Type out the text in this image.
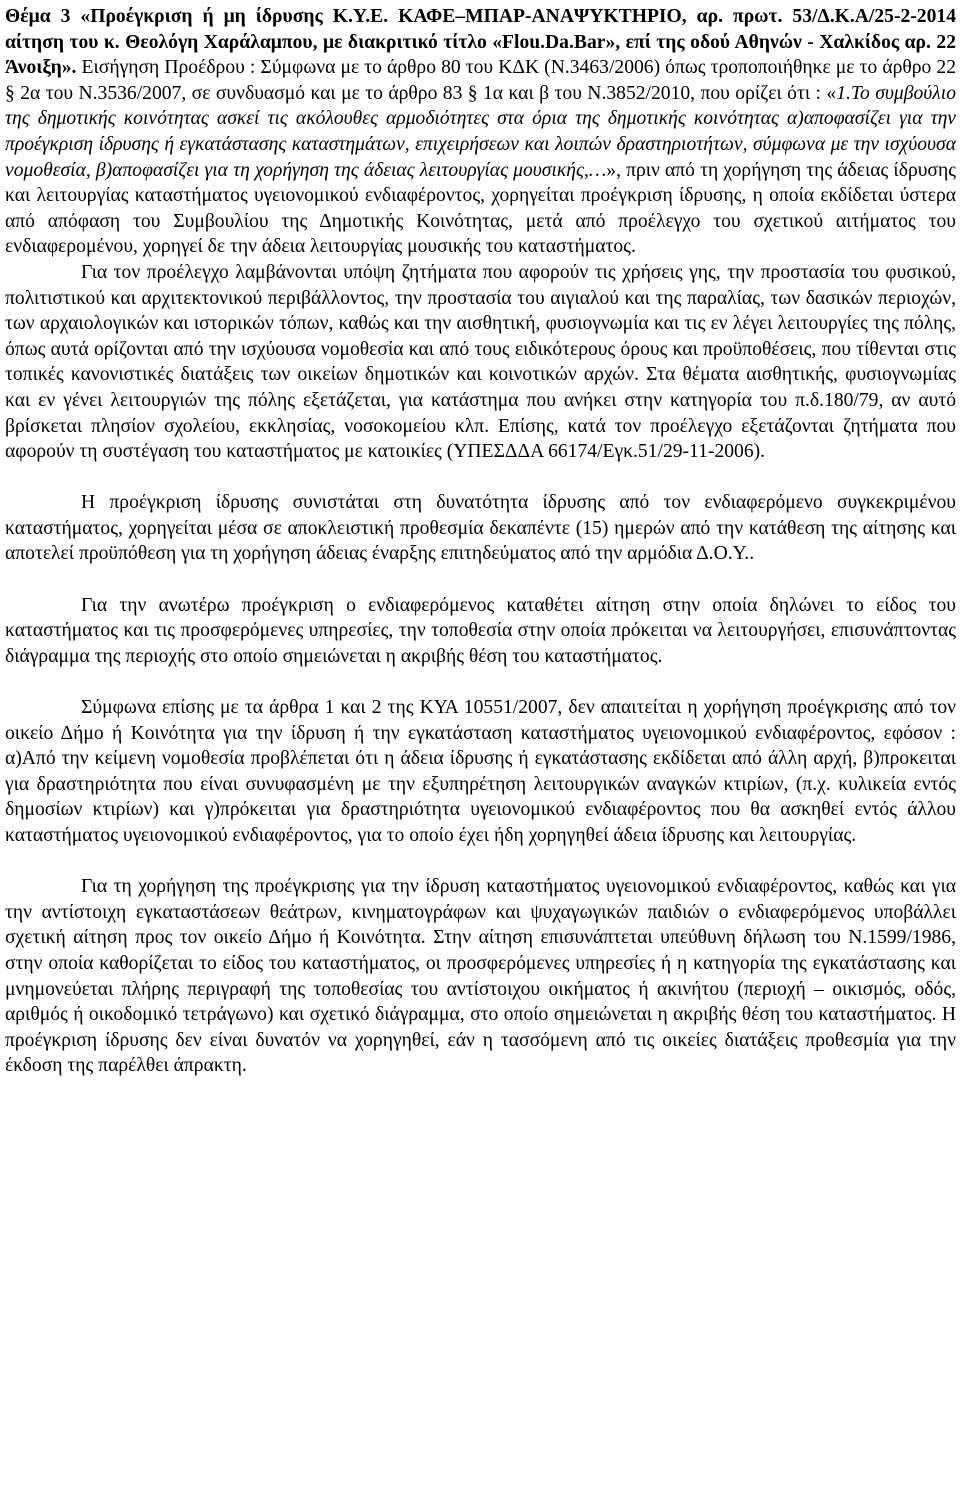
Θέμα 3 «Προέγκριση ή μη ίδρυσης Κ.Υ.Ε. ΚΑΦΕ–ΜΠΑΡ-ΑΝΑΨΥΚΤΗΡΙΟ, αρ. πρωτ. 53/Δ.Κ.Α/25-2-2014 αίτηση του κ. Θεολόγη Χαράλαμπου, με διακριτικό τίτλο «Flou.Da.Bar», επί της οδού Αθηνών - Χαλκίδος αρ. 22 Άνοιξη». Εισήγηση Προέδρου : Σύμφωνα με το άρθρο 80 του ΚΔΚ (Ν.3463/2006) όπως τροποποιήθηκε με το άρθρο 22 § 2α του Ν.3536/2007, σε συνδυασμό και με το άρθρο 83 § 1α και β του Ν.3852/2010, που ορίζει ότι : «1.Το συμβούλιο της δημοτικής κοινότητας ασκεί τις ακόλουθες αρμοδιότητες στα όρια της δημοτικής κοινότητας α)αποφασίζει για την προέγκριση ίδρυσης ή εγκατάστασης καταστημάτων, επιχειρήσεων και λοιπών δραστηριοτήτων, σύμφωνα με την ισχύουσα νομοθεσία, β)αποφασίζει για τη χορήγηση της άδειας λειτουργίας μουσικής,…», πριν από τη χορήγηση της άδειας ίδρυσης και λειτουργίας καταστήματος υγειονομικού ενδιαφέροντος, χορηγείται προέγκριση ίδρυσης, η οποία εκδίδεται ύστερα από απόφαση του Συμβουλίου της Δημοτικής Κοινότητας, μετά από προέλεγχο του σχετικού αιτήματος του ενδιαφερομένου, χορηγεί δε την άδεια λειτουργίας μουσικής του καταστήματος.

Για τον προέλεγχο λαμβάνονται υπόψη ζητήματα που αφορούν τις χρήσεις γης, την προστασία του φυσικού, πολιτιστικού και αρχιτεκτονικού περιβάλλοντος, την προστασία του αιγιαλού και της παραλίας, των δασικών περιοχών, των αρχαιολογικών και ιστορικών τόπων, καθώς και την αισθητική, φυσιογνωμία και τις εν λέγει λειτουργίες της πόλης, όπως αυτά ορίζονται από την ισχύουσα νομοθεσία και από τους ειδικότερους όρους και προϋποθέσεις, που τίθενται στις τοπικές κανονιστικές διατάξεις των οικείων δημοτικών και κοινοτικών αρχών. Στα θέματα αισθητικής, φυσιογνωμίας και εν γένει λειτουργιών της πόλης εξετάζεται, για κατάστημα που ανήκει στην κατηγορία του π.δ.180/79, αν αυτό βρίσκεται πλησίον σχολείου, εκκλησίας, νοσοκομείου κλπ. Επίσης, κατά τον προέλεγχο εξετάζονται ζητήματα που αφορούν τη συστέγαση του καταστήματος με κατοικίες (ΥΠΕΣΔΔΑ 66174/Εγκ.51/29-11-2006).

Η προέγκριση ίδρυσης συνιστάται στη δυνατότητα ίδρυσης από τον ενδιαφερόμενο συγκεκριμένου καταστήματος, χορηγείται μέσα σε αποκλειστική προθεσμία δεκαπέντε (15) ημερών από την κατάθεση της αίτησης και αποτελεί προϋπόθεση για τη χορήγηση άδειας έναρξης επιτηδεύματος από την αρμόδια Δ.Ο.Υ..

Για την ανωτέρω προέγκριση ο ενδιαφερόμενος καταθέτει αίτηση στην οποία δηλώνει το είδος του καταστήματος και τις προσφερόμενες υπηρεσίες, την τοποθεσία στην οποία πρόκειται να λειτουργήσει, επισυνάπτοντας διάγραμμα της περιοχής στο οποίο σημειώνεται η ακριβής θέση του καταστήματος.

Σύμφωνα επίσης με τα άρθρα 1 και 2 της ΚΥΑ 10551/2007, δεν απαιτείται η χορήγηση προέγκρισης από τον οικείο Δήμο ή Κοινότητα για την ίδρυση ή την εγκατάσταση καταστήματος υγειονομικού ενδιαφέροντος, εφόσον : α)Από την κείμενη νομοθεσία προβλέπεται ότι η άδεια ίδρυσης ή εγκατάστασης εκδίδεται από άλλη αρχή, β)προκειται για δραστηριότητα που είναι συνυφασμένη με την εξυπηρέτηση λειτουργικών αναγκών κτιρίων, (π.χ. κυλικεία εντός δημοσίων κτιρίων) και γ)πρόκειται για δραστηριότητα υγειονομικού ενδιαφέροντος που θα ασκηθεί εντός άλλου καταστήματος υγειονομικού ενδιαφέροντος, για το οποίο έχει ήδη χορηγηθεί άδεια ίδρυσης και λειτουργίας.

Για τη χορήγηση της προέγκρισης για την ίδρυση καταστήματος υγειονομικού ενδιαφέροντος, καθώς και για την αντίστοιχη εγκαταστάσεων θεάτρων, κινηματογράφων και ψυχαγωγικών παιδιών ο ενδιαφερόμενος υποβάλλει σχετική αίτηση προς τον οικείο Δήμο ή Κοινότητα. Στην αίτηση επισυνάπτεται υπεύθυνη δήλωση του Ν.1599/1986, στην οποία καθορίζεται το είδος του καταστήματος, οι προσφερόμενες υπηρεσίες ή η κατηγορία της εγκατάστασης και μνημονεύεται πλήρης περιγραφή της τοποθεσίας του αντίστοιχου οικήματος ή ακινήτου (περιοχή – οικισμός, οδός, αριθμός ή οικοδομικό τετράγωνο) και σχετικό διάγραμμα, στο οποίο σημειώνεται η ακριβής θέση του καταστήματος. Η προέγκριση ίδρυσης δεν είναι δυνατόν να χορηγηθεί, εάν η τασσόμενη από τις οικείες διατάξεις προθεσμία για την έκδοση της παρέλθει άπρακτη.
